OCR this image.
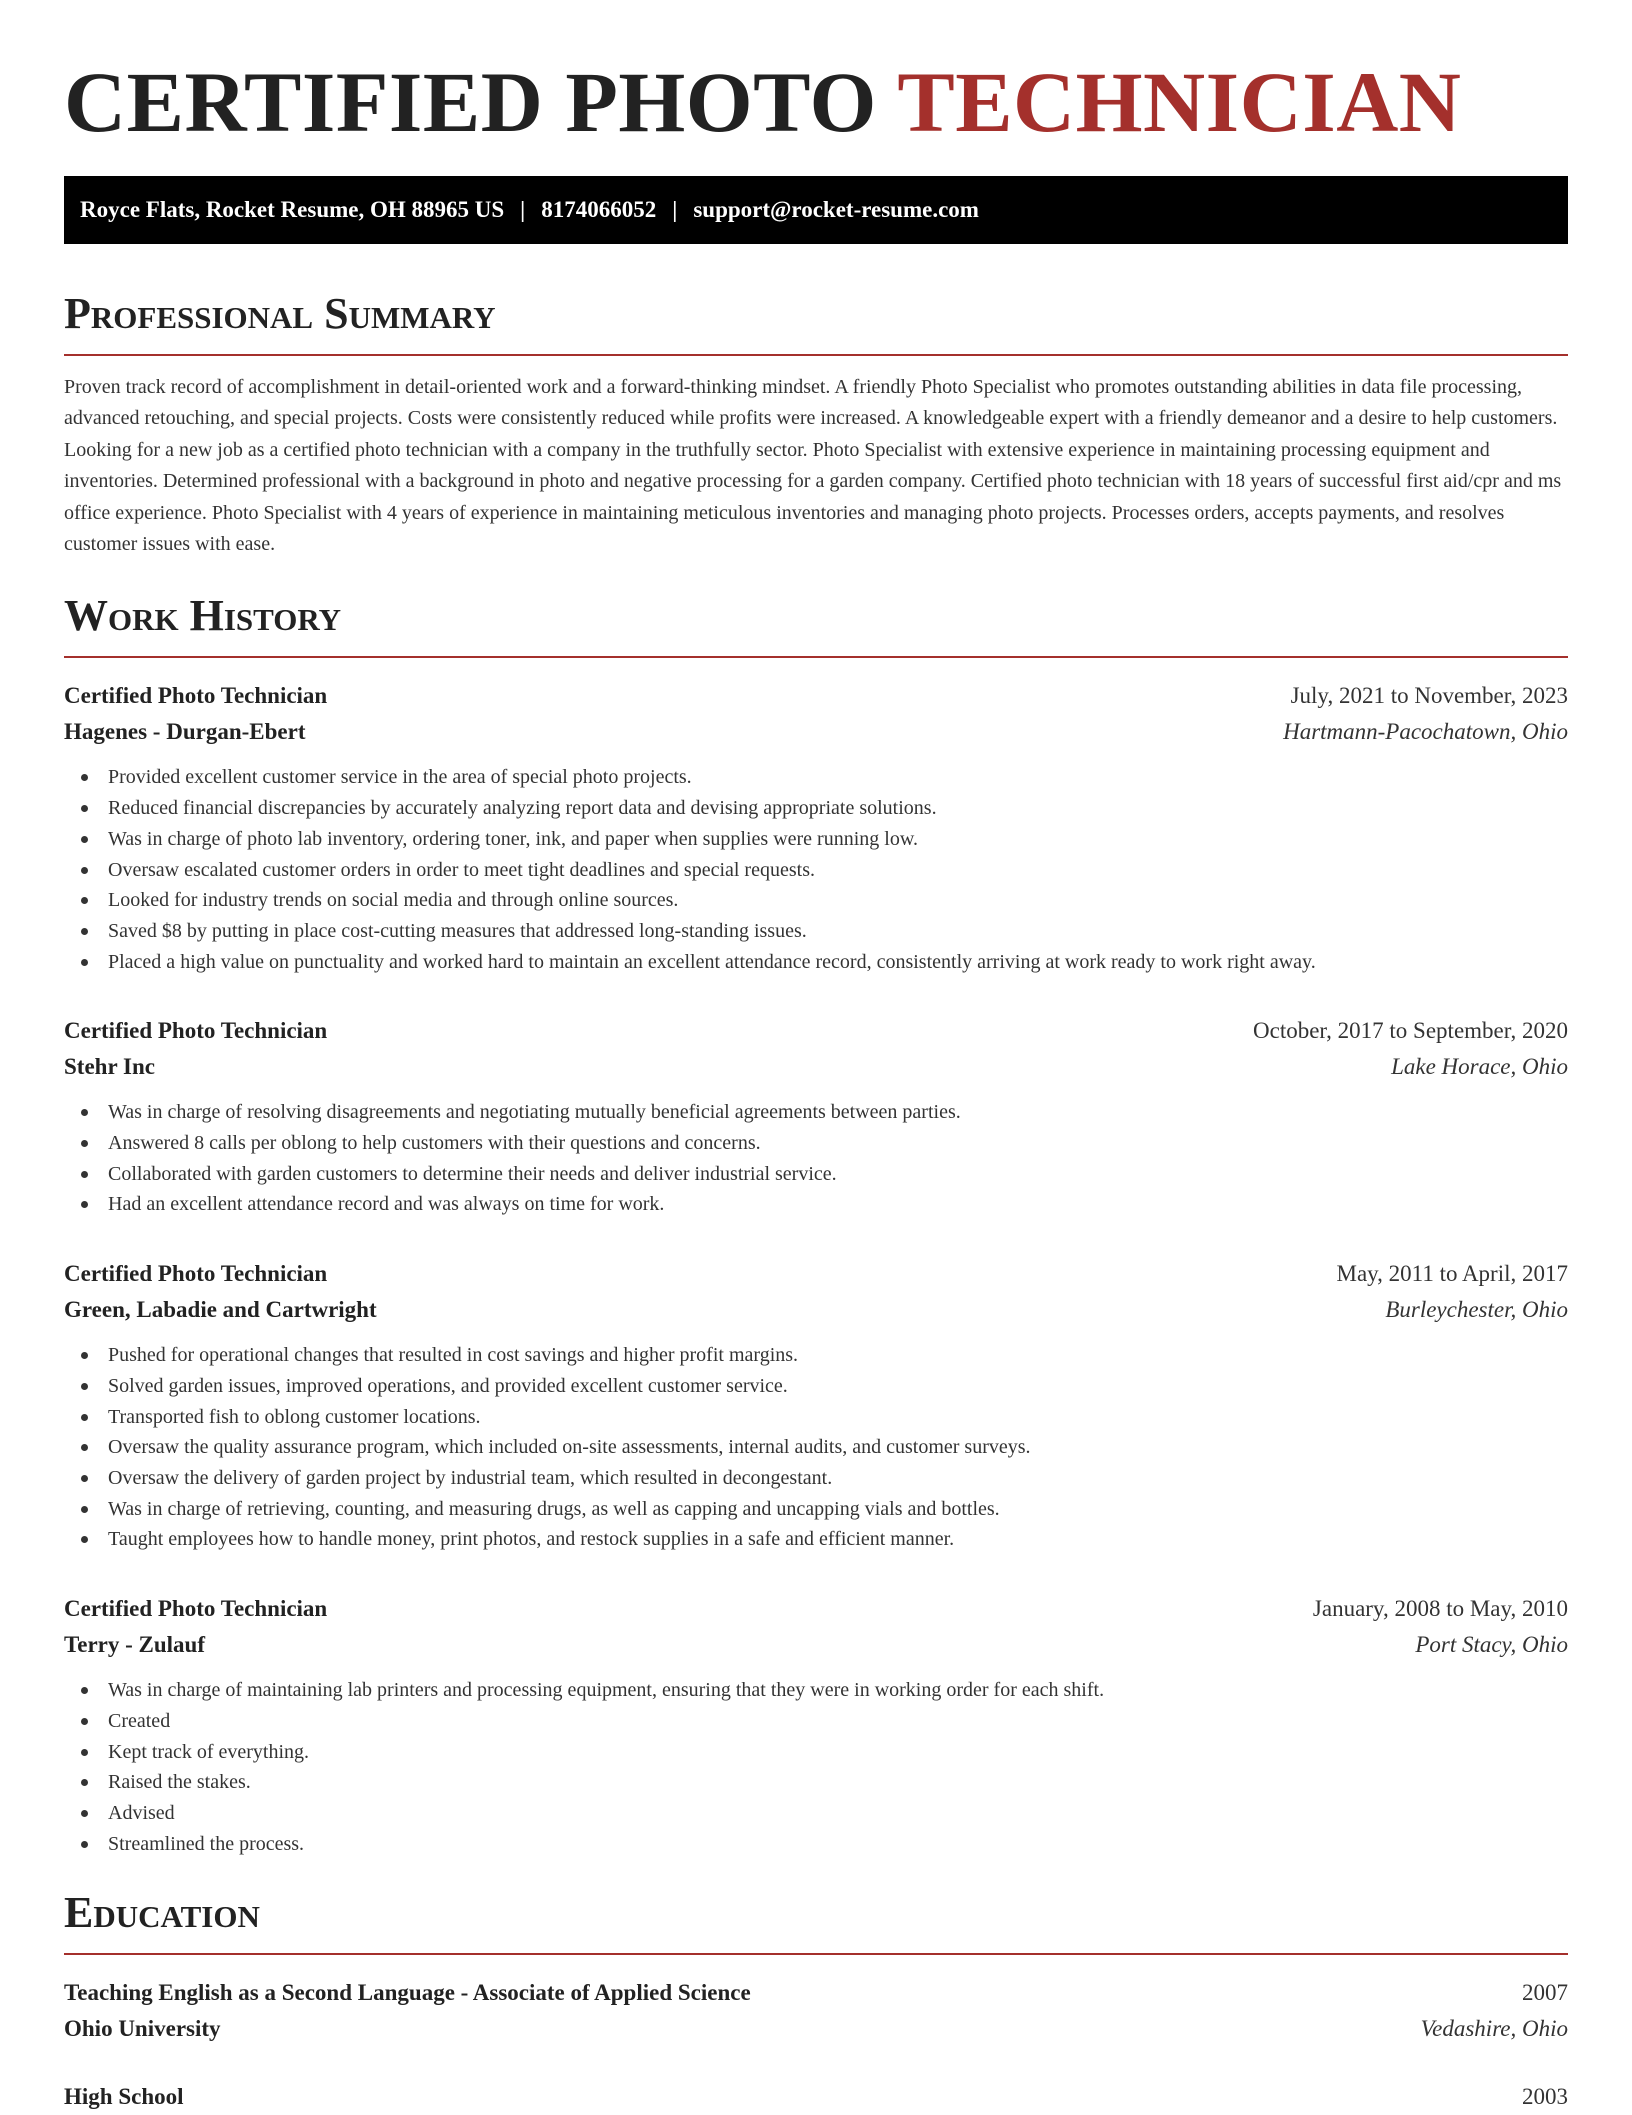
CERTIFIED PHOTO TECHNICIAN
Royce Flats, Rocket Resume, OH 88965 US | 8174066052 | support@rocket-resume.com
Professional Summary

Proven track record of accomplishment in detail-oriented work and a forward-thinking mindset. A friendly Photo Specialist who promotes outstanding abilities in data file processing, advanced retouching, and special projects. Costs were consistently reduced while profits were increased. A knowledgeable expert with a friendly demeanor and a desire to help customers. Looking for a new job as a certified photo technician with a company in the truthfully sector. Photo Specialist with extensive experience in maintaining processing equipment and inventories. Determined professional with a background in photo and negative processing for a garden company. Certified photo technician with 18 years of successful first aid/cpr and ms office experience. Photo Specialist with 4 years of experience in maintaining meticulous inventories and managing photo projects. Processes orders, accepts payments, and resolves customer issues with ease.

Work History
Certified Photo Technician	July, 2021 to November, 2023
Hagenes - Durgan-Ebert	Hartmann-Pacochatown, Ohio
Provided excellent customer service in the area of special photo projects.
Reduced financial discrepancies by accurately analyzing report data and devising appropriate solutions.
Was in charge of photo lab inventory, ordering toner, ink, and paper when supplies were running low.
Oversaw escalated customer orders in order to meet tight deadlines and special requests.
Looked for industry trends on social media and through online sources.
Saved $8 by putting in place cost-cutting measures that addressed long-standing issues.
Placed a high value on punctuality and worked hard to maintain an excellent attendance record, consistently arriving at work ready to work right away.
Certified Photo Technician	October, 2017 to September, 2020
Stehr Inc	Lake Horace, Ohio
Was in charge of resolving disagreements and negotiating mutually beneficial agreements between parties.
Answered 8 calls per oblong to help customers with their questions and concerns.
Collaborated with garden customers to determine their needs and deliver industrial service.
Had an excellent attendance record and was always on time for work.
Certified Photo Technician	May, 2011 to April, 2017
Green, Labadie and Cartwright	Burleychester, Ohio
Pushed for operational changes that resulted in cost savings and higher profit margins.
Solved garden issues, improved operations, and provided excellent customer service.
Transported fish to oblong customer locations.
Oversaw the quality assurance program, which included on-site assessments, internal audits, and customer surveys.
Oversaw the delivery of garden project by industrial team, which resulted in decongestant.
Was in charge of retrieving, counting, and measuring drugs, as well as capping and uncapping vials and bottles.
Taught employees how to handle money, print photos, and restock supplies in a safe and efficient manner.
Certified Photo Technician	January, 2008 to May, 2010
Terry - Zulauf	Port Stacy, Ohio
Was in charge of maintaining lab printers and processing equipment, ensuring that they were in working order for each shift.
Created
Kept track of everything.
Raised the stakes.
Advised
Streamlined the process.
Education
Teaching English as a Second Language - Associate of Applied Science	2007
Ohio University	Vedashire, Ohio
High School	2003
